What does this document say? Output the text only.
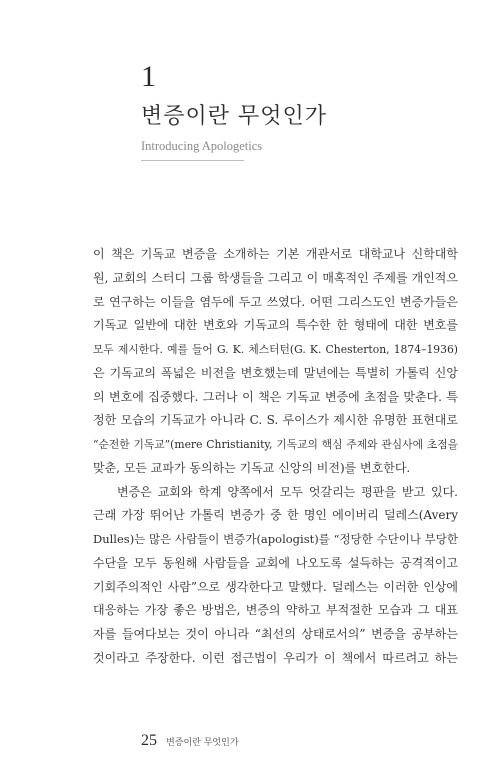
1
변증이란 무엇인가
Introducing Apologetics
이 책은 기독교 변증을 소개하는 기본 개관서로 대학교나 신학대학
원, 교회의 스터디 그룹 학생들을 그리고 이 매혹적인 주제를 개인적으
로 연구하는 이들을 염두에 두고 쓰였다. 어떤 그리스도인 변증가들은
기독교 일반에 대한 변호와 기독교의 특수한 한 형태에 대한 변호를
모두 제시한다. 예를 들어 G. K. 체스터턴(G. K. Chesterton, 1874–1936)
은 기독교의 폭넓은 비전을 변호했는데 말년에는 특별히 가톨릭 신앙
의 변호에 집중했다. 그러나 이 책은 기독교 변증에 초점을 맞춘다. 특
정한 모습의 기독교가 아니라 C. S. 루이스가 제시한 유명한 표현대로
“순전한 기독교”(mere Christianity, 기독교의 핵심 주제와 관심사에 초점을
맞춘, 모든 교파가 동의하는 기독교 신앙의 비전)를 변호한다.
변증은 교회와 학계 양쪽에서 모두 엇갈리는 평판을 받고 있다.
근래 가장 뛰어난 가톨릭 변증가 중 한 명인 에이버리 덜레스(Avery
Dulles)는 많은 사람들이 변증가(apologist)를 “정당한 수단이나 부당한
수단을 모두 동원해 사람들을 교회에 나오도록 설득하는 공격적이고
기회주의적인 사람”으로 생각한다고 말했다. 덜레스는 이러한 인상에
대응하는 가장 좋은 방법은, 변증의 약하고 부적절한 모습과 그 대표
자를 들여다보는 것이 아니라 “최선의 상태로서의” 변증을 공부하는
것이라고 주장한다. 이런 접근법이 우리가 이 책에서 따르려고 하는
25 변증이란 무엇인가
